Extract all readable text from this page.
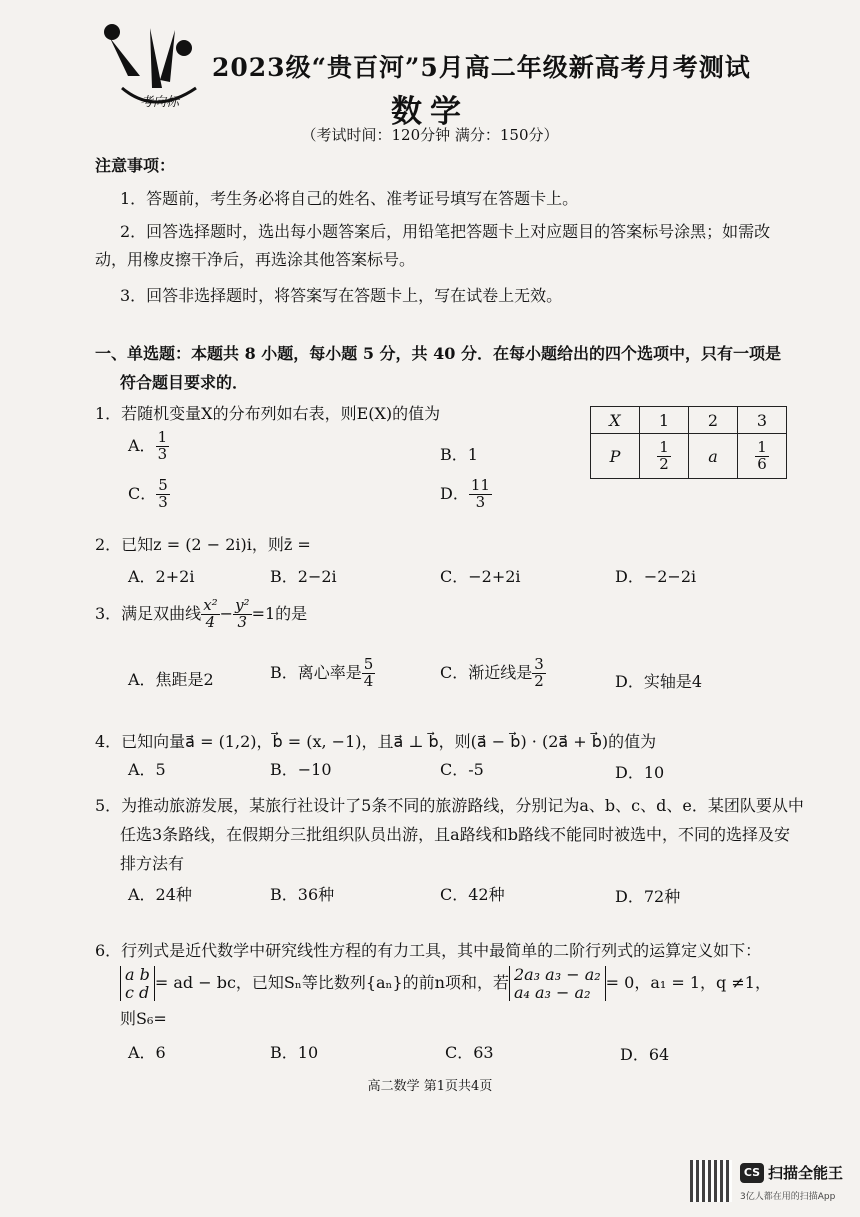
考向标
2023级“贵百河”5月高二年级新高考月考测试
数学
（考试时间：120分钟 满分：150分）
注意事项：
1．答题前，考生务必将自己的姓名、准考证号填写在答题卡上。
2．回答选择题时，选出每小题答案后，用铅笔把答题卡上对应题目的答案标号涂黑；如需改
动，用橡皮擦干净后，再选涂其他答案标号。
3．回答非选择题时，将答案写在答题卡上，写在试卷上无效。
一、单选题：本题共 8 小题，每小题 5 分，共 40 分．在每小题给出的四个选项中，只有一项是
符合题目要求的．
1．若随机变量X的分布列如右表，则E(X)的值为
A． $\frac{1}{3}$	B．1
C． $\frac{5}{3}$	D． $\frac{11}{3}$
X	1	2	3
P	$\frac{1}{2}$	a	$\frac{1}{6}$
2．已知z = (2 − 2i)i，则z̄ =
A．2+2i	B．2−2i	C．−2+2i	D．−2−2i
3．满足双曲线 $\frac{\text{x²}}{4} - \frac{\text{y²}}{3} =1$的是
A．焦距是2	B．离心率是 $\frac{5}{4}$	C．渐近线是 $\frac{3}{2}$	D．实轴是4
4．已知向量a⃗ = (1,2)，b⃗ = (x, −1)，且a⃗ ⊥ b⃗，则(a⃗ − b⃗) · (2a⃗ + b⃗)的值为
A．5	B．−10	C．-5	D．10
5．为推动旅游发展，某旅行社设计了5条不同的旅游路线，分别记为a、b、c、d、e．某团队要从中
任选3条路线，在假期分三批组织队员出游，且a路线和b路线不能同时被选中，不同的选择及安
排方法有
A．24种	B．36种	C．42种	D．72种
6．行列式是近代数学中研究线性方程的有力工具，其中最简单的二阶行列式的运算定义如下：
a b
c d = ad − bc，已知Sₙ等比数列{aₙ}的前n项和，若 2a₃ a₃ − a₂
a₄ a₃ − a₂ = 0，a₁ = 1，q ≠1，
则S₆=
A．6	B．10	C．63	D．64
高二数学 第1页共4页
CS 扫描全能王
3亿人都在用的扫描App
